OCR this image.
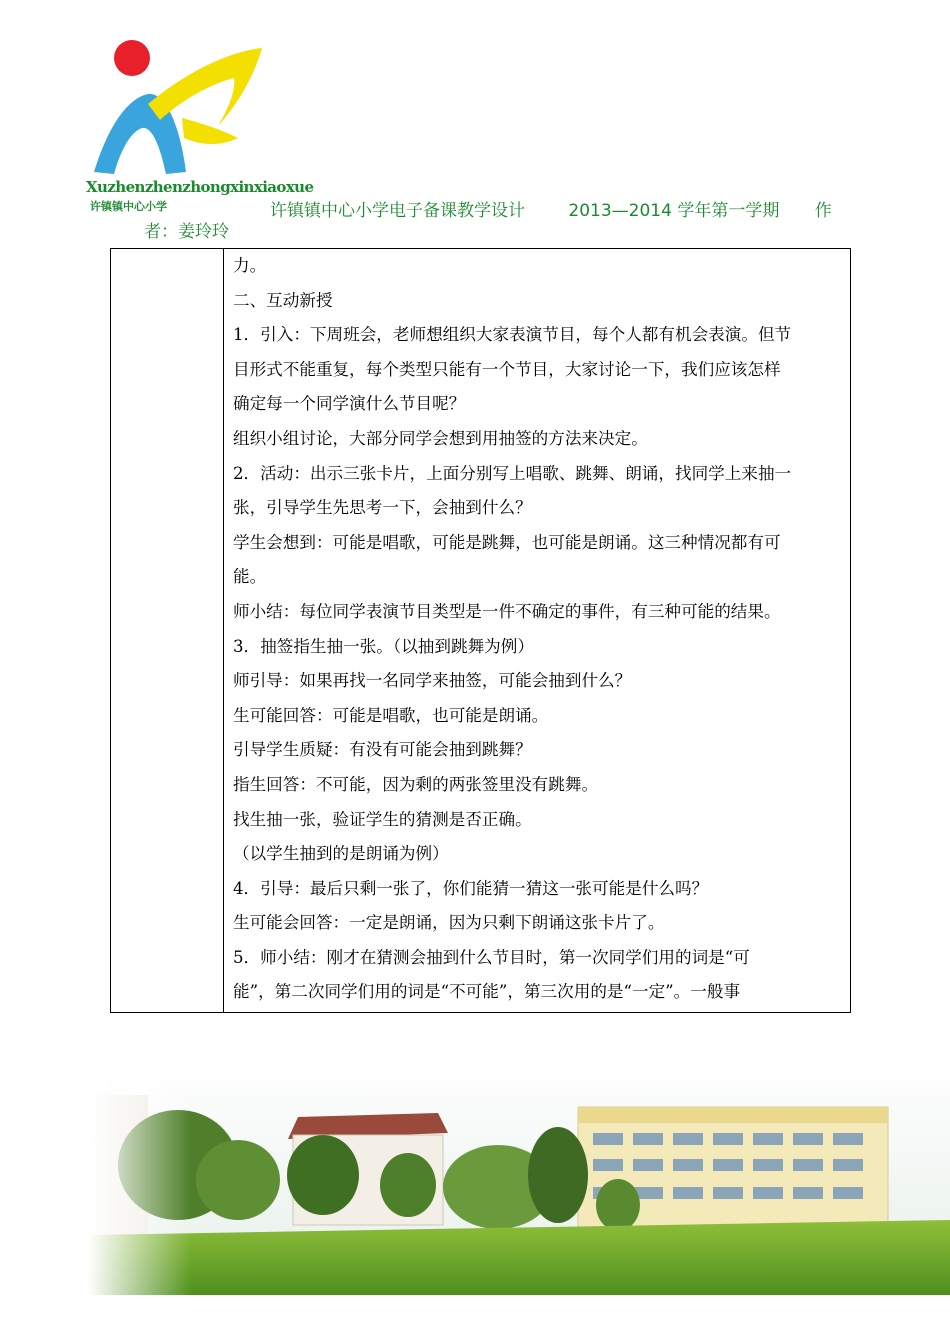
Xuzhenzhenzhongxinxiaoxue
许镇镇中心小学	许镇镇中心小学电子备课教学设计	2013—2014 学年第一学期 作
者：姜玲玲

力。

二、互动新授

1．引入：下周班会，老师想组织大家表演节目，每个人都有机会表演。但节

目形式不能重复，每个类型只能有一个节目，大家讨论一下，我们应该怎样

确定每一个同学演什么节目呢？

组织小组讨论，大部分同学会想到用抽签的方法来决定。

2．活动：出示三张卡片，上面分别写上唱歌、跳舞、朗诵，找同学上来抽一

张，引导学生先思考一下，会抽到什么？

学生会想到：可能是唱歌，可能是跳舞，也可能是朗诵。这三种情况都有可

能。

师小结：每位同学表演节目类型是一件不确定的事件，有三种可能的结果。

3．抽签指生抽一张。（以抽到跳舞为例）

师引导：如果再找一名同学来抽签，可能会抽到什么？

生可能回答：可能是唱歌，也可能是朗诵。

引导学生质疑：有没有可能会抽到跳舞？

指生回答：不可能，因为剩的两张签里没有跳舞。

找生抽一张，验证学生的猜测是否正确。

（以学生抽到的是朗诵为例）

4．引导：最后只剩一张了，你们能猜一猜这一张可能是什么吗？

生可能会回答：一定是朗诵，因为只剩下朗诵这张卡片了。

5．师小结：刚才在猜测会抽到什么节目时，第一次同学们用的词是“可

能”，第二次同学们用的词是“不可能”，第三次用的是“一定”。一般事
